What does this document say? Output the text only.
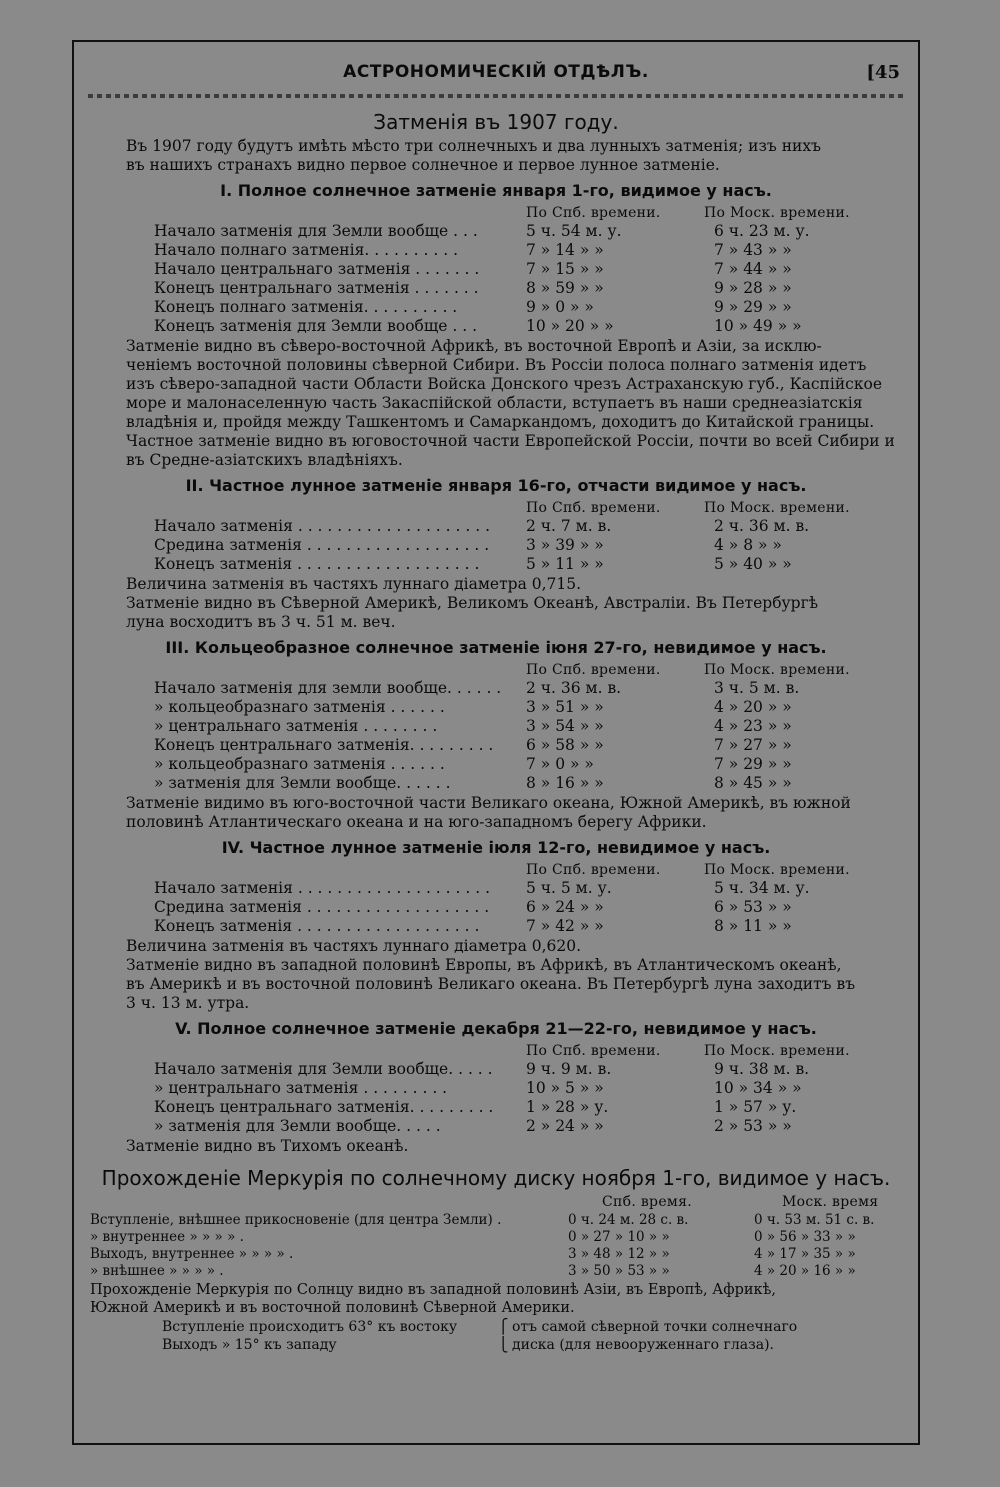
АСТРОНОМИЧЕСКІЙ ОТДѢЛЪ.	[45
Затменія въ 1907 году.
Въ 1907 году будутъ имѣть мѣсто три солнечныхъ и два лунныхъ затменія; изъ нихъ
въ нашихъ странахъ видно первое солнечное и первое лунное затменіе.
I. Полное солнечное затменіе января 1-го, видимое у насъ.
По Спб. времени.	По Моск. времени.
Начало затменія для Земли вообще . . .	5 ч. 54 м. у.	6 ч. 23 м. у.
Начало полнаго затменія. . . . . . . . . .	7 » 14 » »	7 » 43 » »
Начало центральнаго затменія . . . . . . .	7 » 15 » »	7 » 44 » »
Конецъ центральнаго затменія . . . . . . .	8 » 59 » »	9 » 28 » »
Конецъ полнаго затменія. . . . . . . . . .	9 » 0 » »	9 » 29 » »
Конецъ затменія для Земли вообще . . .	10 » 20 » »	10 » 49 » »
Затменіе видно въ сѣверо-восточной Африкѣ, въ восточной Европѣ и Азіи, за исклю-
ченіемъ восточной половины сѣверной Сибири. Въ Россіи полоса полнаго затменія идетъ
изъ сѣверо-западной части Области Войска Донского чрезъ Астраханскую губ., Каспійское
море и малонаселенную часть Закаспійской области, вступаетъ въ наши среднеазіатскія
владѣнія и, пройдя между Ташкентомъ и Самаркандомъ, доходитъ до Китайской границы.
Частное затменіе видно въ юговосточной части Европейской Россіи, почти во всей Сибири и
въ Средне-азіатскихъ владѣніяхъ.
II. Частное лунное затменіе января 16-го, отчасти видимое у насъ.
По Спб. времени.	По Моск. времени.
Начало затменія . . . . . . . . . . . . . . . . . . . . 2 ч. 7 м. в.	2 ч. 36 м. в.
Средина затменія . . . . . . . . . . . . . . . . . . . 3 » 39 » »	4 » 8 » »
Конецъ затменія . . . . . . . . . . . . . . . . . . .	5 » 11 » »	5 » 40 » »
Величина затменія въ частяхъ луннаго діаметра 0,715.
Затменіе видно въ Сѣверной Америкѣ, Великомъ Океанѣ, Австраліи. Въ Петербургѣ
луна восходитъ въ 3 ч. 51 м. веч.
III. Кольцеобразное солнечное затменіе іюня 27-го, невидимое у насъ.
По Спб. времени.	По Моск. времени.
Начало затменія для земли вообще. . . . . . 2 ч. 36 м. в.	3 ч. 5 м. в.
» кольцеобразнаго затменія . . . . . .	3 » 51 » »	4 » 20 » »
» центральнаго затменія . . . . . . . .	3 » 54 » »	4 » 23 » »
Конецъ центральнаго затменія. . . . . . . . . 6 » 58 » »	7 » 27 » »
» кольцеобразнаго затменія . . . . . .	7 » 0 » »	7 » 29 » »
» затменія для Земли вообще. . . . . .	8 » 16 » »	8 » 45 » »
Затменіе видимо въ юго-восточной части Великаго океана, Южной Америкѣ, въ южной
половинѣ Атлантическаго океана и на юго-западномъ берегу Африки.
IV. Частное лунное затменіе іюля 12-го, невидимое у насъ.
По Спб. времени.	По Моск. времени.
Начало затменія . . . . . . . . . . . . . . . . . . . . 5 ч. 5 м. у.	5 ч. 34 м. у.
Средина затменія . . . . . . . . . . . . . . . . . . . 6 » 24 » »	6 » 53 » »
Конецъ затменія . . . . . . . . . . . . . . . . . . .	7 » 42 » »	8 » 11 » »
Величина затменія въ частяхъ луннаго діаметра 0,620.
Затменіе видно въ западной половинѣ Европы, въ Африкѣ, въ Атлантическомъ океанѣ,
въ Америкѣ и въ восточной половинѣ Великаго океана. Въ Петербургѣ луна заходитъ въ
3 ч. 13 м. утра.
V. Полное солнечное затменіе декабря 21—22-го, невидимое у насъ.
По Спб. времени.	По Моск. времени.
Начало затменія для Земли вообще. . . . . 9 ч. 9 м. в.	9 ч. 38 м. в.
» центральнаго затменія . . . . . . . . .	10 » 5 » »	10 » 34 » »
Конецъ центральнаго затменія. . . . . . . . . 1 » 28 » у.	1 » 57 » у.
» затменія для Земли вообще. . . . .	2 » 24 » »	2 » 53 » »
Затменіе видно въ Тихомъ океанѣ.
Прохожденіе Меркурія по солнечному диску ноября 1-го, видимое у насъ.
Спб. время.	Моск. время
Вступленіе, внѣшнее прикосновеніе (для центра Земли) .	0 ч. 24 м. 28 с. в.	0 ч. 53 м. 51 с. в.
» внутреннее » » » » .	0 » 27 » 10 » »	0 » 56 » 33 » »
Выходъ, внутреннее » » » » .	3 » 48 » 12 » »	4 » 17 » 35 » »
» внѣшнее » » » » .	3 » 50 » 53 » »	4 » 20 » 16 » »
Прохожденіе Меркурія по Солнцу видно въ западной половинѣ Азіи, въ Европѣ, Африкѣ,
Южной Америкѣ и въ восточной половинѣ Сѣверной Америки.
Вступленіе происходитъ 63° къ востоку	⎧ отъ самой сѣверной точки солнечнаго
Выходъ » 15° къ западу	⎩ диска (для невооруженнаго глаза).
